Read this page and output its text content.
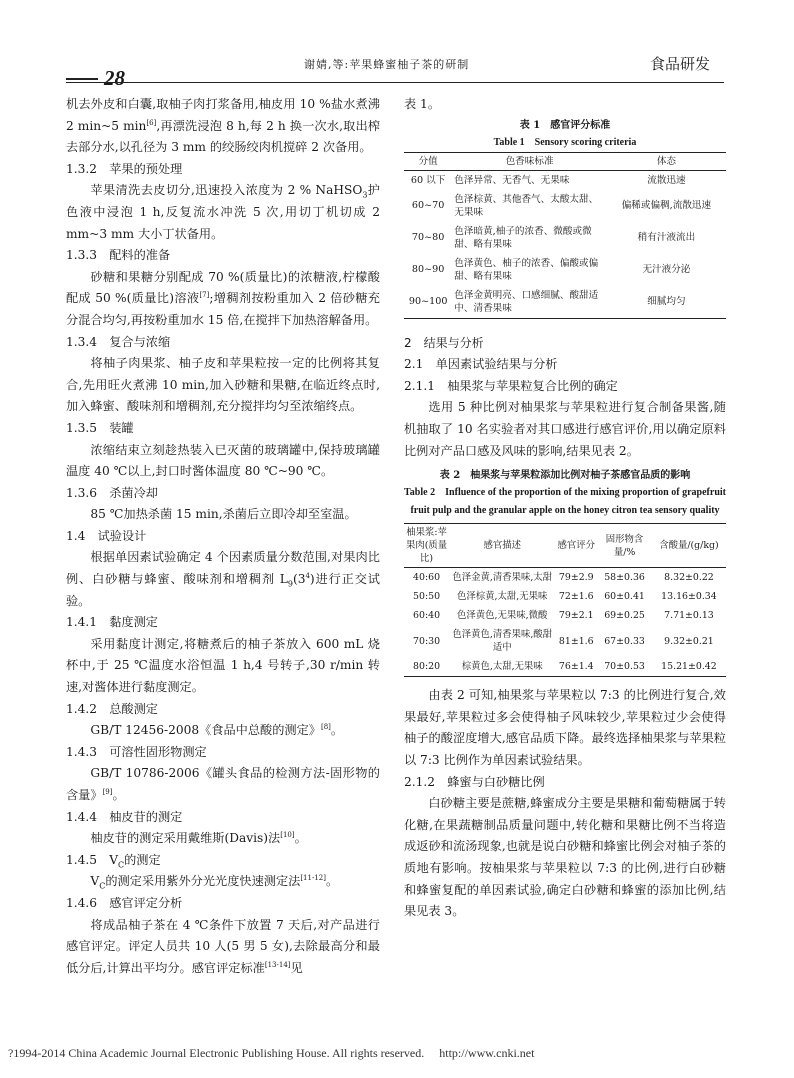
28
谢婧,等:苹果蜂蜜柚子茶的研制	食品研发

机去外皮和白囊,取柚子肉打浆备用,柚皮用 10 %盐水煮沸 2 min~5 min[6],再漂洗浸泡 8 h,每 2 h 换一次水,取出榨去部分水,以孔径为 3 mm 的绞肠绞肉机搅碎 2 次备用。

1.3.2　苹果的预处理

苹果清洗去皮切分,迅速投入浓度为 2 % NaHSO$_3$护色液中浸泡 1 h,反复流水冲洗 5 次,用切丁机切成 2 mm~3 mm 大小丁状备用。

1.3.3　配料的准备

砂糖和果糖分别配成 70 %(质量比)的浓糖液,柠檬酸配成 50 %(质量比)溶液[7];增稠剂按粉重加入 2 倍砂糖充分混合均匀,再按粉重加水 15 倍,在搅拌下加热溶解备用。

1.3.4　复合与浓缩

将柚子肉果浆、柚子皮和苹果粒按一定的比例将其复合,先用旺火煮沸 10 min,加入砂糖和果糖,在临近终点时,加入蜂蜜、酸味剂和增稠剂,充分搅拌均匀至浓缩终点。

1.3.5　装罐

浓缩结束立刻趁热装入已灭菌的玻璃罐中,保持玻璃罐温度 40 ℃以上,封口时酱体温度 80 ℃~90 ℃。

1.3.6　杀菌冷却

85 ℃加热杀菌 15 min,杀菌后立即冷却至室温。

1.4　试验设计

根据单因素试验确定 4 个因素质量分数范围,对果肉比例、白砂糖与蜂蜜、酸味剂和增稠剂 $L_9(3^4)$进行正交试验。

1.4.1　黏度测定

采用黏度计测定,将糖煮后的柚子茶放入 600 mL 烧杯中,于 25 ℃温度水浴恒温 1 h,4 号转子,30 r/min 转速,对酱体进行黏度测定。

1.4.2　总酸测定

GB/T 12456-2008《食品中总酸的测定》[8]。

1.4.3　可溶性固形物测定

GB/T 10786-2006《罐头食品的检测方法-固形物的含量》[9]。

1.4.4　柚皮苷的测定

柚皮苷的测定采用戴维斯(Davis)法[10]。

1.4.5　$V_C$的测定

$V_C$的测定采用紫外分光光度快速测定法[11-12]。

1.4.6　感官评定分析

将成品柚子茶在 4 ℃条件下放置 7 天后,对产品进行感官评定。评定人员共 10 人(5 男 5 女),去除最高分和最低分后,计算出平均分。感官评定标准[13-14]见

表 1。

表 1　感官评分标准
Table 1　Sensory scoring criteria
分值	色香味标准	体态
60 以下	色泽异常、无香气、无果味	流散迅速
60~70	色泽棕黄、其他香气、太酸太甜、无果味	偏稀或偏稠,流散迅速
70~80	色泽暗黄,柚子的浓香、微酸或微甜、略有果味	稍有汁液流出
80~90	色泽黄色、柚子的浓香、偏酸或偏甜、略有果味	无汁液分泌
90~100	色泽金黄明亮、口感细腻、酸甜适中、清香果味	细腻均匀

2　结果与分析

2.1　单因素试验结果与分析

2.1.1　柚果浆与苹果粒复合比例的确定

选用 5 种比例对柚果浆与苹果粒进行复合制备果酱,随机抽取了 10 名实验者对其口感进行感官评价,用以确定原料比例对产品口感及风味的影响,结果见表 2。

表 2　柚果浆与苹果粒添加比例对柚子茶感官品质的影响
Table 2　Influence of the proportion of the mixing proportion of grapefruit fruit pulp and the granular apple on the honey citron tea sensory quality
柚果浆:苹果肉(质量比)	感官描述	感官评分	固形物含量/%	含酸量/(g/kg)
40:60	色泽金黄,清香果味,太甜	79±2.9	58±0.36	8.32±0.22
50:50	色泽棕黄,太甜,无果味	72±1.6	60±0.41	13.16±0.34
60:40	色泽黄色,无果味,微酸	79±2.1	69±0.25	7.71±0.13
70:30	色泽黄色,清香果味,酸甜适中	81±1.6	67±0.33	9.32±0.21
80:20	棕黄色,太甜,无果味	76±1.4	70±0.53	15.21±0.42

由表 2 可知,柚果浆与苹果粒以 7:3 的比例进行复合,效果最好,苹果粒过多会使得柚子风味较少,苹果粒过少会使得柚子的酸涩度增大,感官品质下降。最终选择柚果浆与苹果粒以 7:3 比例作为单因素试验结果。

2.1.2　蜂蜜与白砂糖比例

白砂糖主要是蔗糖,蜂蜜成分主要是果糖和葡萄糖属于转化糖,在果蔬糖制品质量问题中,转化糖和果糖比例不当将造成返砂和流汤现象,也就是说白砂糖和蜂蜜比例会对柚子茶的质地有影响。按柚果浆与苹果粒以 7:3 的比例,进行白砂糖和蜂蜜复配的单因素试验,确定白砂糖和蜂蜜的添加比例,结果见表 3。

?1994-2014 China Academic Journal Electronic Publishing House. All rights reserved.　 http://www.cnki.net
